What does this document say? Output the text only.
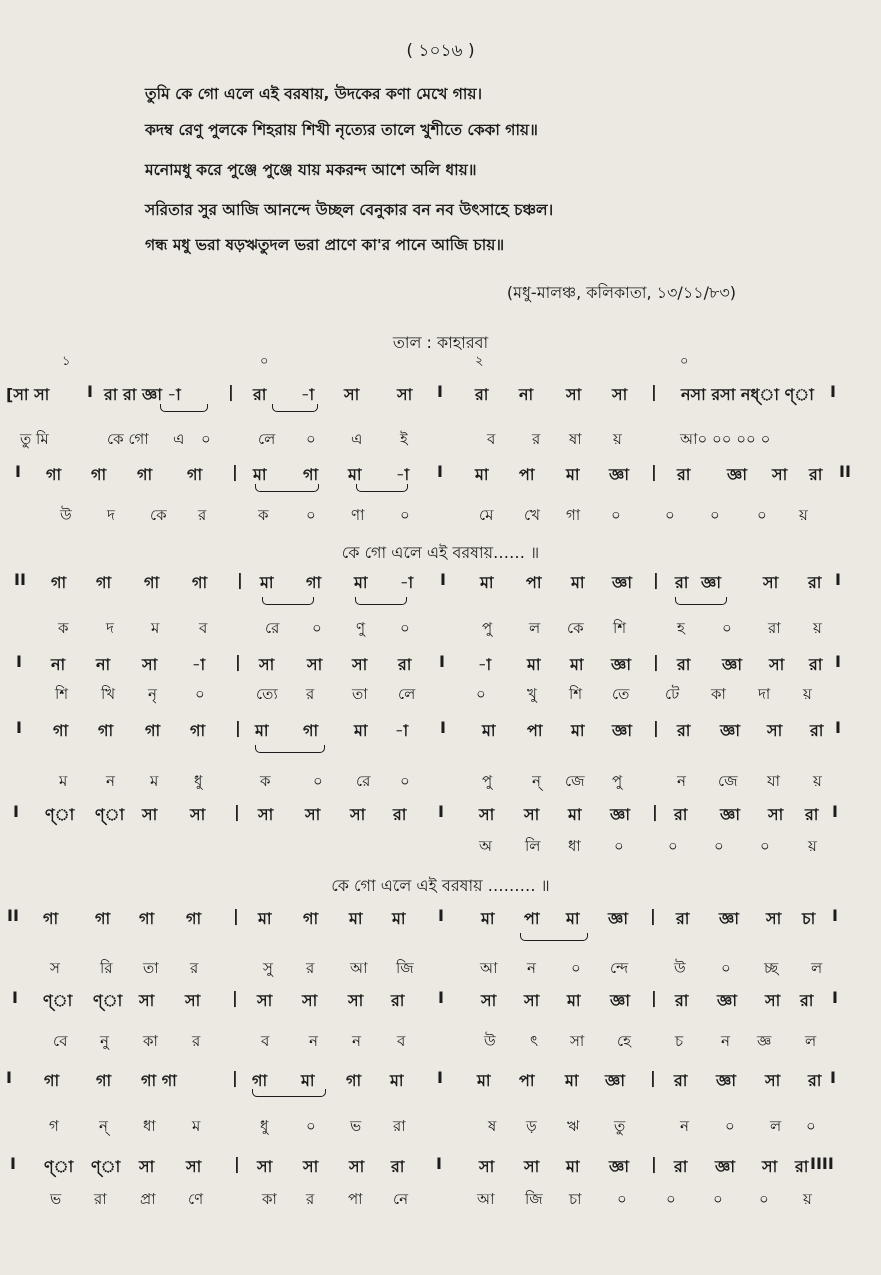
( ১০১৬ )
তুমি কে গো এলে এই বরষায়, উদকের কণা মেখে গায়।
কদম্ব রেণু পুলকে শিহরায় শিখী নৃত্যের তালে খুশীতে কেকা গায়॥
মনোমধু করে পুঞ্জে পুঞ্জে যায় মকরন্দ আশে অলি ধায়॥
সরিতার সুর আজি আনন্দে উচ্ছল বেনুকার বন নব উৎসাহে চঞ্চল।
গন্ধ মধু ভরা ষড়ঋতুদল ভরা প্রাণে কা'র পানে আজি চায়॥
(মধু-মালঞ্চ, কলিকাতা, ১৩/১১/৮৩)
তাল : কাহারবা
১	০	২	০
কে গো এলে এই বরষায়…… ॥
কে গো এলে এই বরষায় ……… ॥
[সা সা I রা রা জ্ঞা -া	| রা -া সা সা I রা না সা সা | নসা রসা নধ্‌া ণ্‌া I
তু মি	কে গো এ ০	লে ০ এ	ই	ব র ষা য়	আ০ ০০ ০০ ০
I গা গা গা গা | মা গা মা -া I মা পা মা জ্ঞা | রা জ্ঞা সা রা II
উ দ কে র	ক	০ ণা ০	মে খে গা ০	০ ০ ০ য়
II গা গা গা গা | মা গা মা -া I মা পা মা জ্ঞা | রা জ্ঞা	সা রা I
ক	দ ম	ব	রে ০ ণু ০	পু ল কে শি	হ ০ রা য়
I না না সা -া | সা সা সা রা I -া মা মা জ্ঞা | রা জ্ঞা সা রা I
শি খি নৃ	০	ত্যে র	তা লে	০	খু শি তে টে কা দা য়
I গা গা গা গা | মা গা মা -া I মা পা মা জ্ঞা | রা জ্ঞা সা রা I
ম	ন ম ধু	ক	০ রে ০	পু	ন্ জে পু	ন জে যা য়
I ণ্‌া ণ্‌া সা সা | সা সা সা রা I সা সা মা জ্ঞা | রা জ্ঞা সা রা I
অ লি ধা ০	০ ০ ০	য়
II গা গা গা গা | মা গা মা মা I মা পা মা জ্ঞা | রা জ্ঞা সা চা I
স	রি তা র	সু র আ জি	আ ন ০ ন্দে	উ ০ চ্ছ ল
I ণ্‌া ণ্‌া সা সা | সা সা সা রা I সা সা মা জ্ঞা | রা জ্ঞা সা রা I
বে নু কা র	ব	ন ন ব	উ ৎ সা হে	চ	ন জ্ঞ ল
I গা গা গা গা	| গা মা গা মা I মা পা মা জ্ঞা | রা জ্ঞা সা রা I
গ	ন্ ধা ম	ধু	০ ভ রা	ষ ড় ঋ তু	ন ০ ল ০
I ণ্‌া ণ্‌া সা সা | সা সা সা রা I সা সা মা জ্ঞা | রা জ্ঞা সা রা IIII
ভ রা প্রা ণে	কা র পা নে	আ জি চা ০	০ ০ ০ য়
